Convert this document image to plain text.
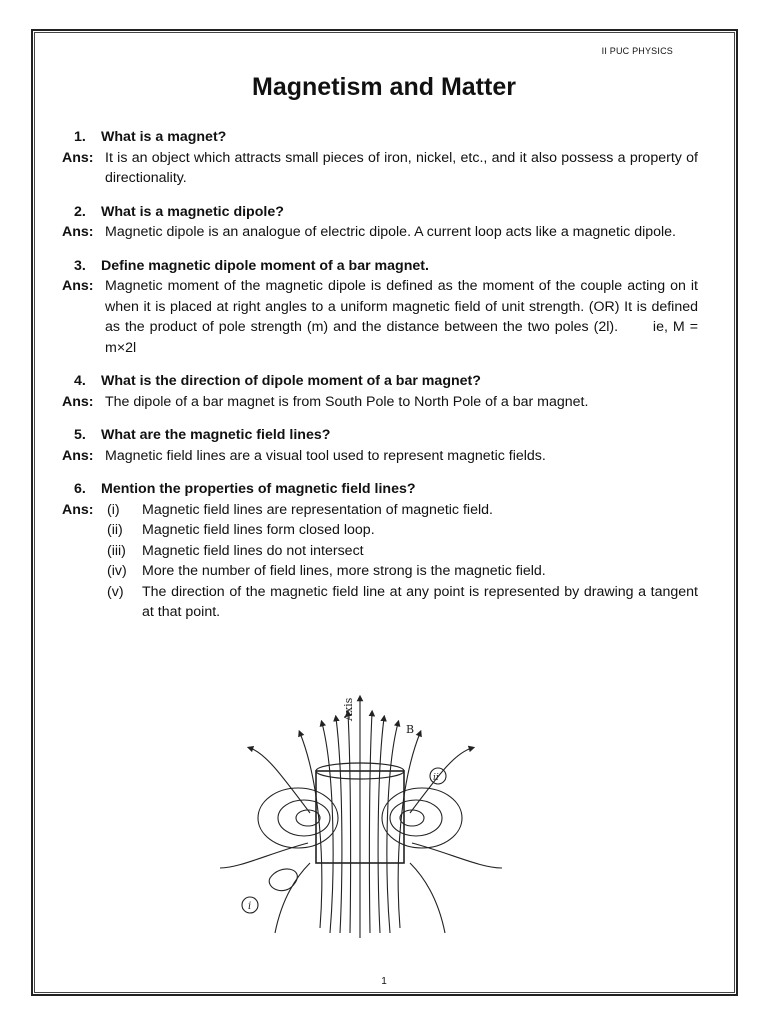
II PUC PHYSICS
Magnetism and Matter
1.	What is a magnet?
Ans: It is an object which attracts small pieces of iron, nickel, etc., and it also possess a property of directionality.
2.	What is a magnetic dipole?
Ans: Magnetic dipole is an analogue of electric dipole. A current loop acts like a magnetic dipole.
3.	Define magnetic dipole moment of a bar magnet.
Ans: Magnetic moment of the magnetic dipole is defined as the moment of the couple acting on it when it is placed at right angles to a uniform magnetic field of unit strength. (OR) It is defined as the product of pole strength (m) and the distance between the two poles (2l).       ie, M = m×2l
4.	What is the direction of dipole moment of a bar magnet?
Ans: The dipole of a bar magnet is from South Pole to North Pole of a bar magnet.
5.	What are the magnetic field lines?
Ans: Magnetic field lines are a visual tool used to represent magnetic fields.
6.	Mention the properties of magnetic field lines?
Ans: (i)	Magnetic field lines are representation of magnetic field.
(ii)	Magnetic field lines form closed loop.
(iii)	Magnetic field lines do not intersect
(iv)	More the number of field lines, more strong is the magnetic field.
(v)	The direction of the magnetic field line at any point is represented by drawing a tangent at that point.
Axis
B
i
ii
1
